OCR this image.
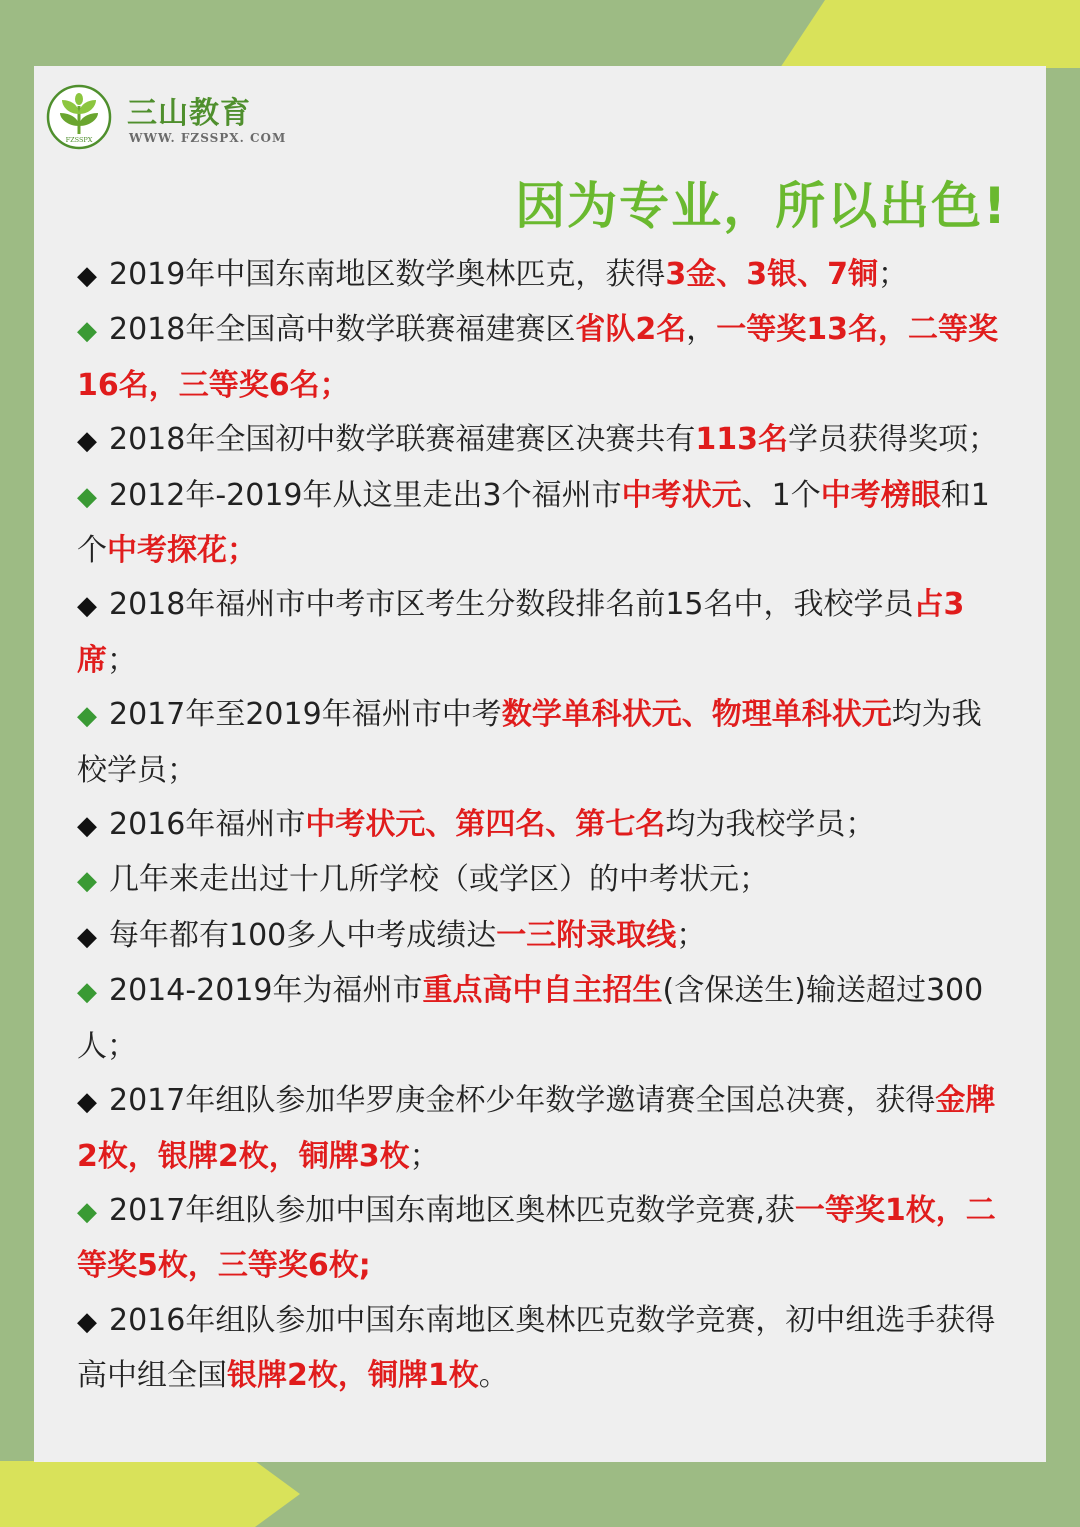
FZSSPX
三山教育
WWW. FZSSPX. COM
因为专业，所以出色!

◆ 2019年中国东南地区数学奥林匹克，获得3金、3银、7铜；

◆ 2018年全国高中数学联赛福建赛区省队2名，一等奖13名，二等奖16名，三等奖6名；

◆ 2018年全国初中数学联赛福建赛区决赛共有113名学员获得奖项；

◆ 2012年-2019年从这里走出3个福州市中考状元、1个中考榜眼和1个中考探花；

◆ 2018年福州市中考市区考生分数段排名前15名中，我校学员占3席；

◆ 2017年至2019年福州市中考数学单科状元、物理单科状元均为我校学员；

◆ 2016年福州市中考状元、第四名、第七名均为我校学员；

◆ 几年来走出过十几所学校（或学区）的中考状元；

◆ 每年都有100多人中考成绩达一三附录取线；

◆ 2014-2019年为福州市重点高中自主招生(含保送生)输送超过300人；

◆ 2017年组队参加华罗庚金杯少年数学邀请赛全国总决赛，获得金牌2枚，银牌2枚，铜牌3枚；

◆ 2017年组队参加中国东南地区奥林匹克数学竞赛,获一等奖1枚，二等奖5枚，三等奖6枚;

◆ 2016年组队参加中国东南地区奥林匹克数学竞赛，初中组选手获得高中组全国银牌2枚，铜牌1枚。
